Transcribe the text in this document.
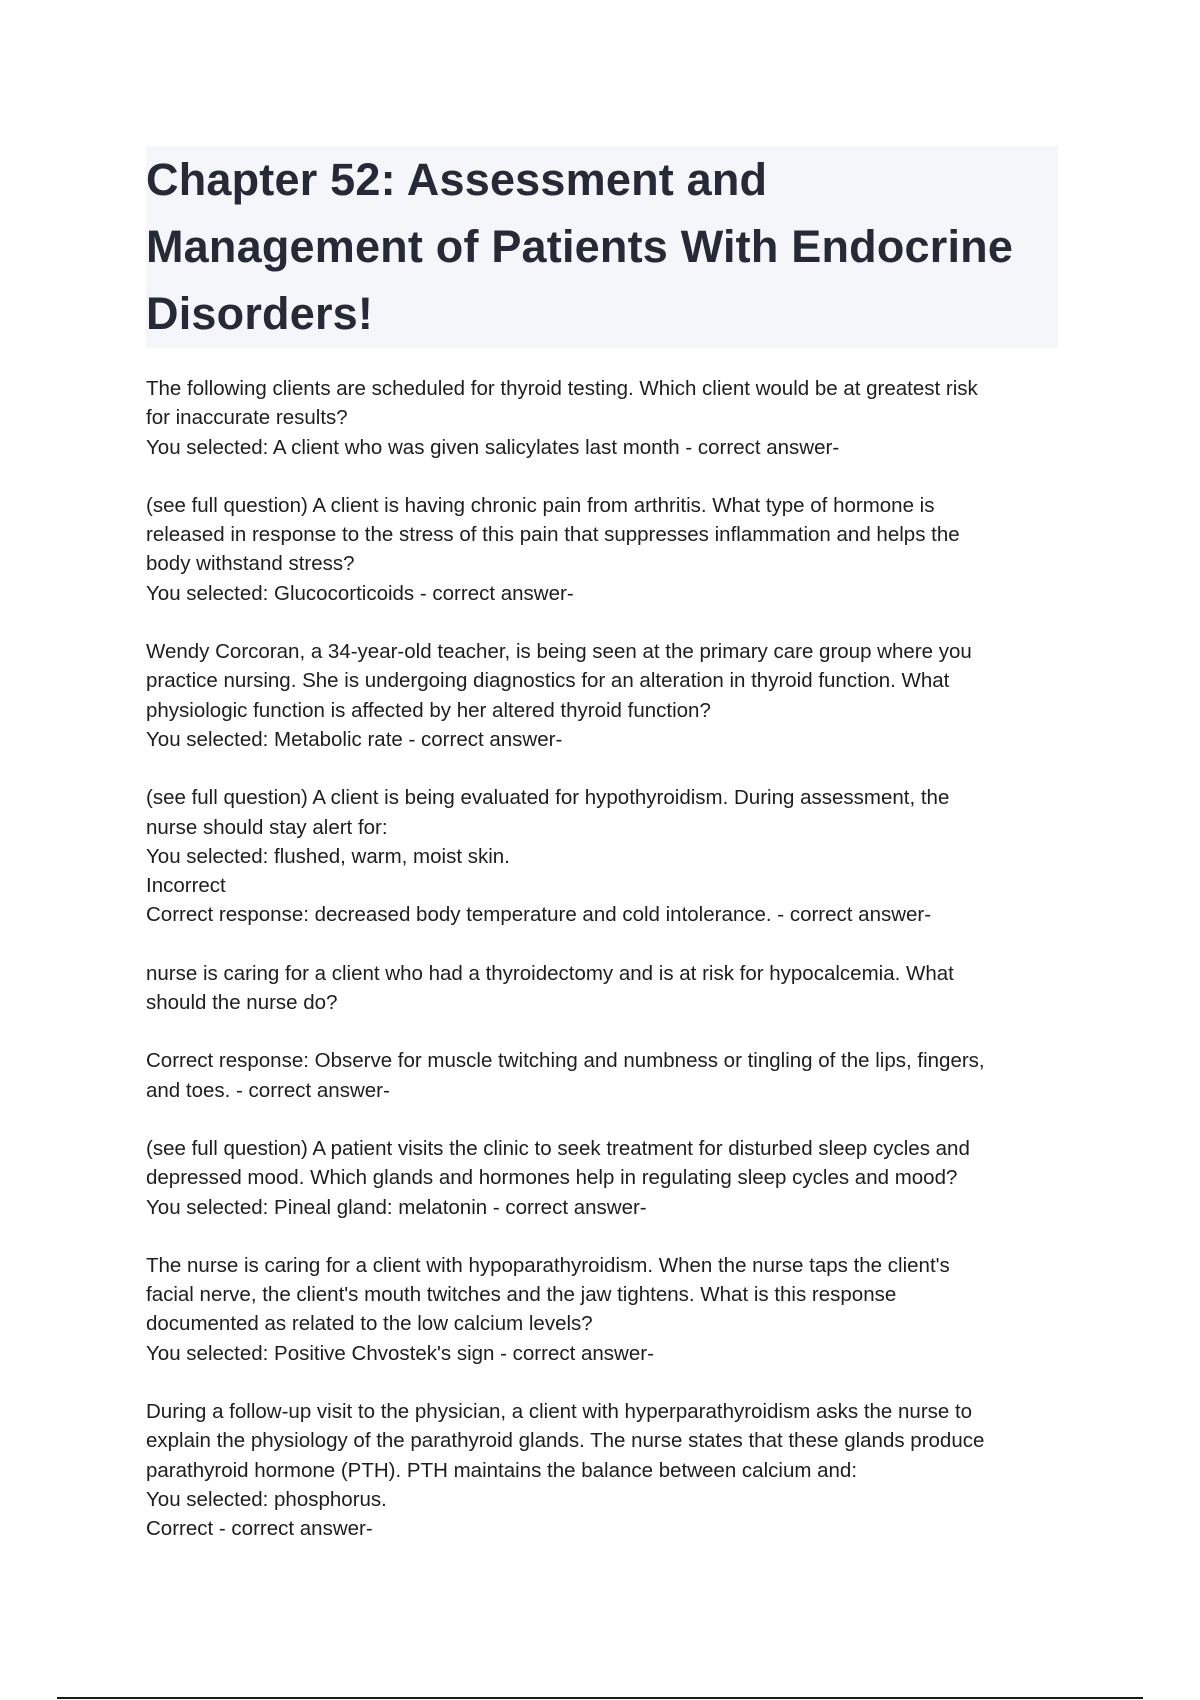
Chapter 52: Assessment and
Management of Patients With Endocrine
Disorders!
The following clients are scheduled for thyroid testing. Which client would be at greatest risk
for inaccurate results?
You selected: A client who was given salicylates last month - correct answer-
(see full question) A client is having chronic pain from arthritis. What type of hormone is
released in response to the stress of this pain that suppresses inflammation and helps the
body withstand stress?
You selected: Glucocorticoids - correct answer-
Wendy Corcoran, a 34-year-old teacher, is being seen at the primary care group where you
practice nursing. She is undergoing diagnostics for an alteration in thyroid function. What
physiologic function is affected by her altered thyroid function?
You selected: Metabolic rate - correct answer-
(see full question) A client is being evaluated for hypothyroidism. During assessment, the
nurse should stay alert for:
You selected: flushed, warm, moist skin.
Incorrect
Correct response: decreased body temperature and cold intolerance. - correct answer-
nurse is caring for a client who had a thyroidectomy and is at risk for hypocalcemia. What
should the nurse do?
Correct response: Observe for muscle twitching and numbness or tingling of the lips, fingers,
and toes. - correct answer-
(see full question) A patient visits the clinic to seek treatment for disturbed sleep cycles and
depressed mood. Which glands and hormones help in regulating sleep cycles and mood?
You selected: Pineal gland: melatonin - correct answer-
The nurse is caring for a client with hypoparathyroidism. When the nurse taps the client's
facial nerve, the client's mouth twitches and the jaw tightens. What is this response
documented as related to the low calcium levels?
You selected: Positive Chvostek's sign - correct answer-
During a follow-up visit to the physician, a client with hyperparathyroidism asks the nurse to
explain the physiology of the parathyroid glands. The nurse states that these glands produce
parathyroid hormone (PTH). PTH maintains the balance between calcium and:
You selected: phosphorus.
Correct - correct answer-
